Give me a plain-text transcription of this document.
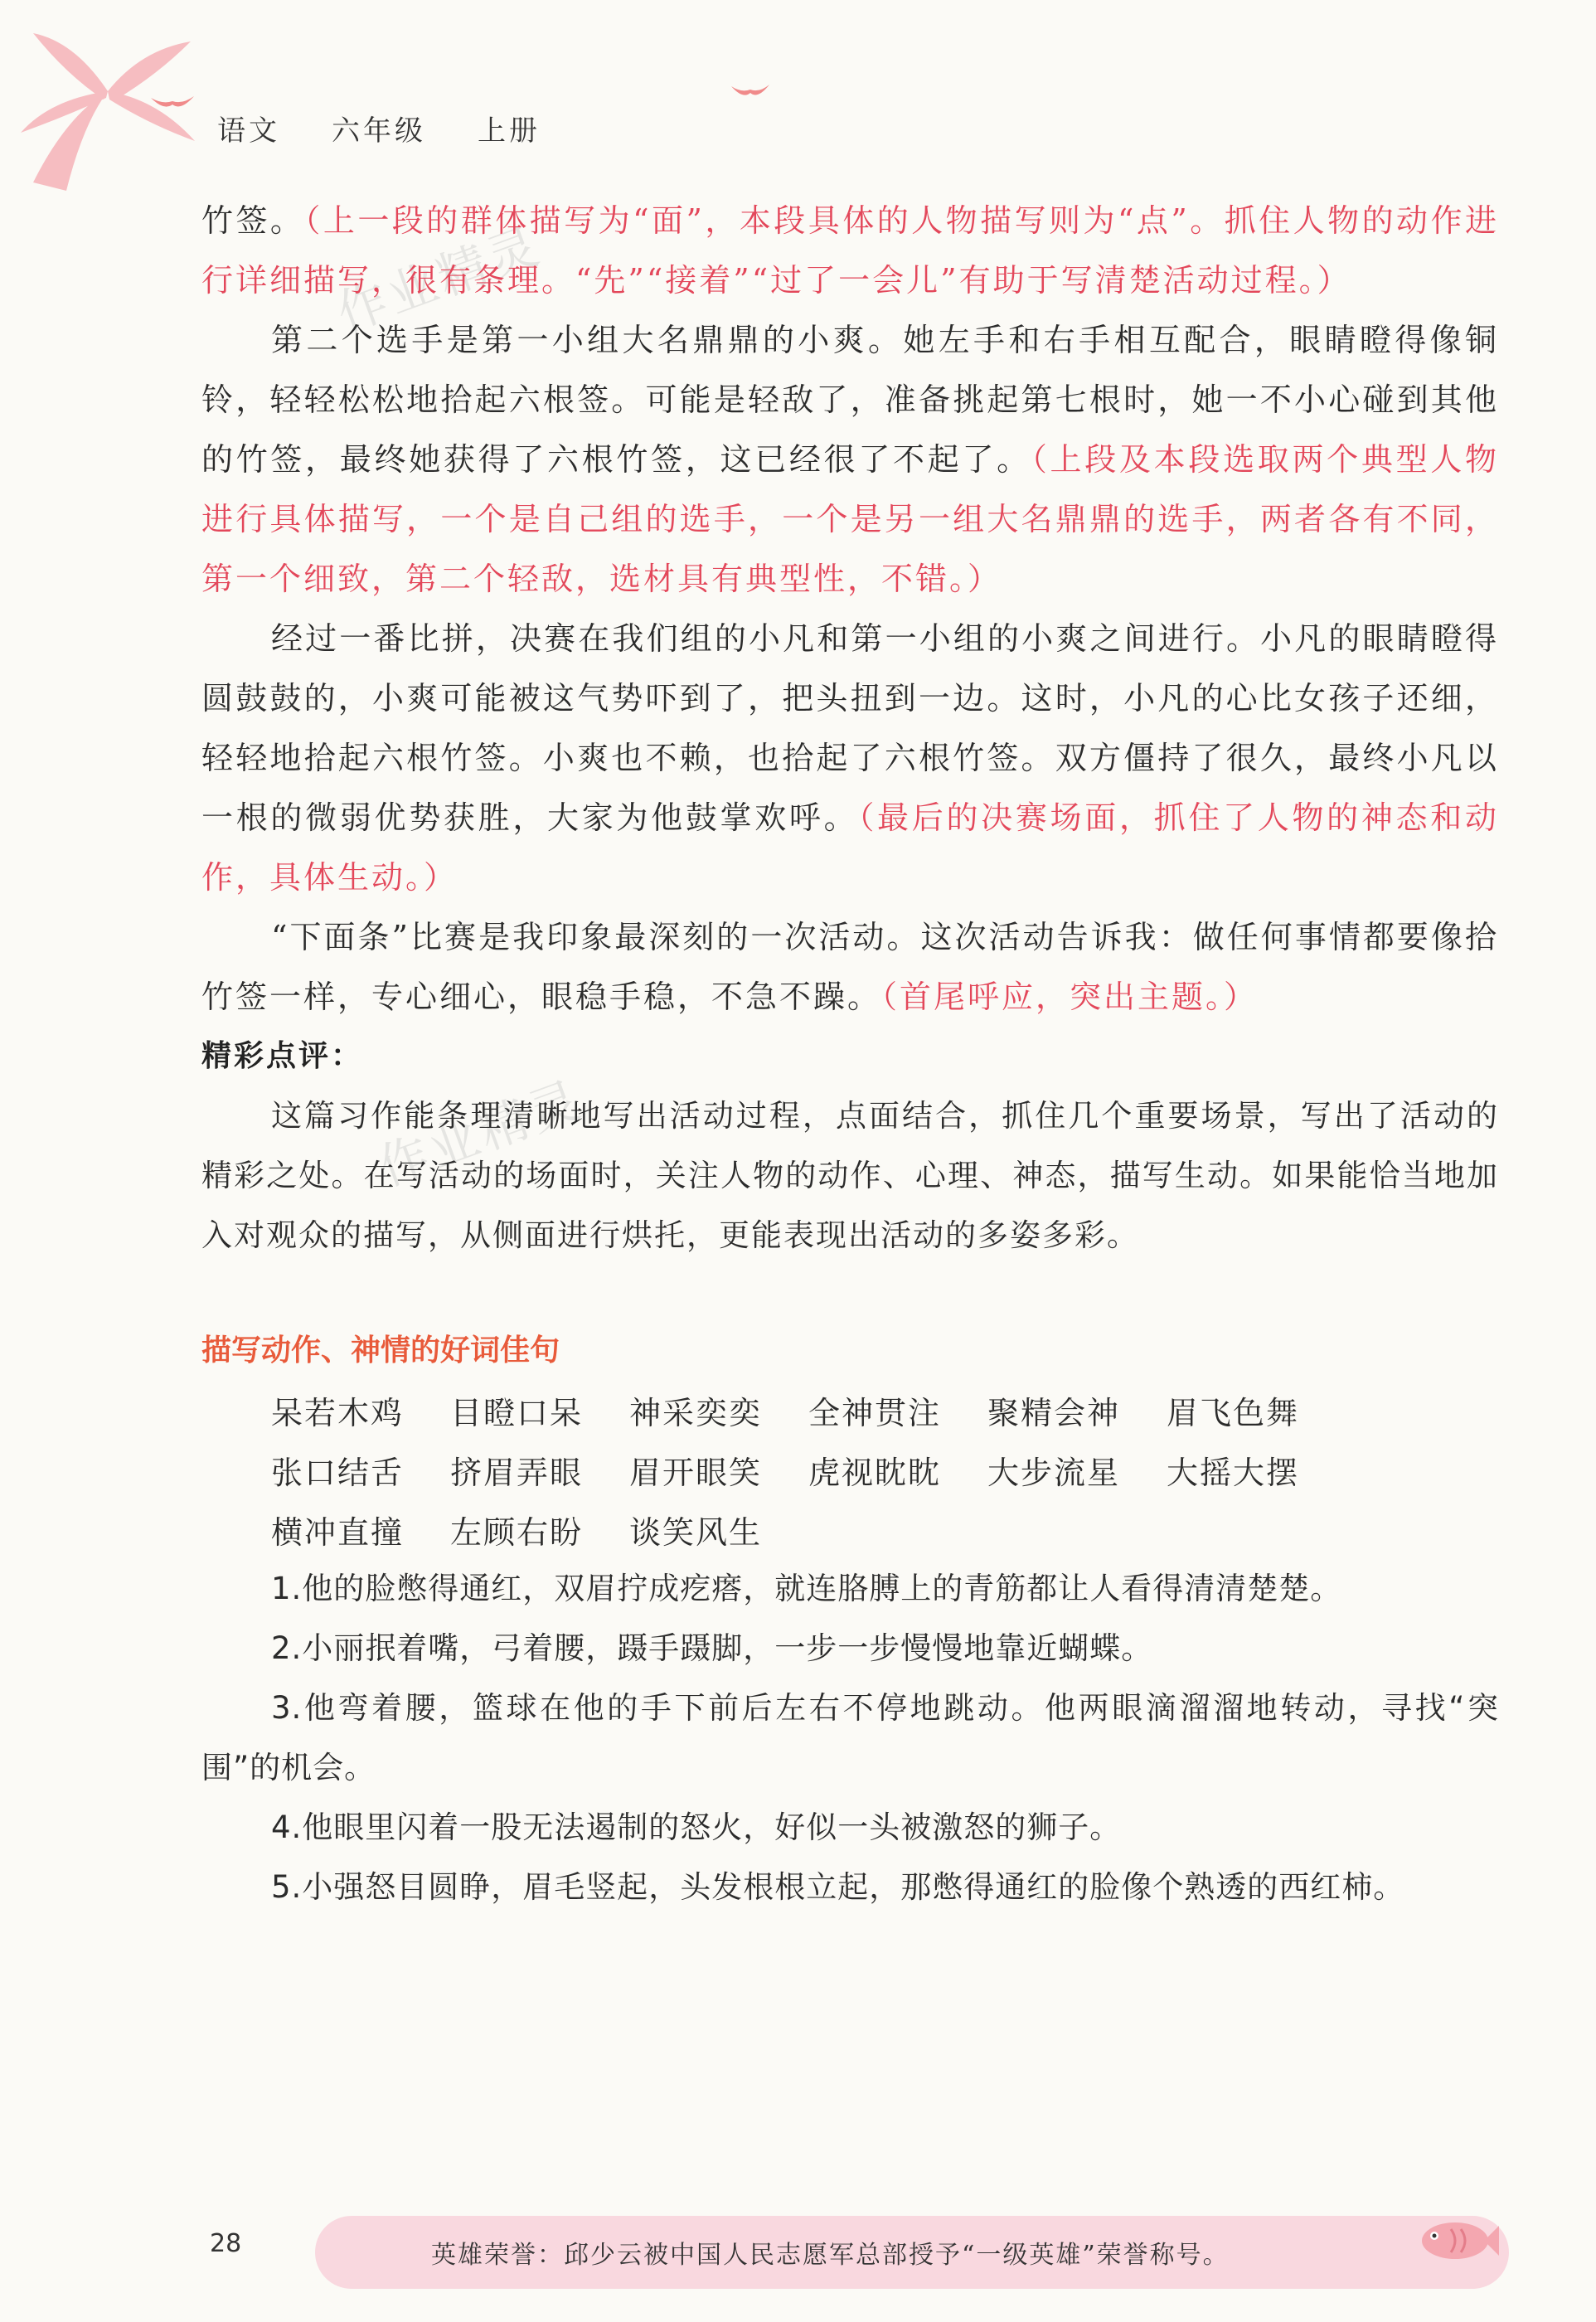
语文 六年级 上册
作业精灵
作业精灵

竹签。（上一段的群体描写为“面”，本段具体的人物描写则为“点”。抓住人物的动作进行详细描写，很有条理。“先”“接着”“过了一会儿”有助于写清楚活动过程。）

第二个选手是第一小组大名鼎鼎的小爽。她左手和右手相互配合，眼睛瞪得像铜铃，轻轻松松地拾起六根签。可能是轻敌了，准备挑起第七根时，她一不小心碰到其他的竹签，最终她获得了六根竹签，这已经很了不起了。（上段及本段选取两个典型人物进行具体描写，一个是自己组的选手，一个是另一组大名鼎鼎的选手，两者各有不同，第一个细致，第二个轻敌，选材具有典型性，不错。）

经过一番比拼，决赛在我们组的小凡和第一小组的小爽之间进行。小凡的眼睛瞪得圆鼓鼓的，小爽可能被这气势吓到了，把头扭到一边。这时，小凡的心比女孩子还细，轻轻地拾起六根竹签。小爽也不赖，也拾起了六根竹签。双方僵持了很久，最终小凡以一根的微弱优势获胜，大家为他鼓掌欢呼。（最后的决赛场面，抓住了人物的神态和动作，具体生动。）

“下面条”比赛是我印象最深刻的一次活动。这次活动告诉我：做任何事情都要像拾竹签一样，专心细心，眼稳手稳，不急不躁。（首尾呼应，突出主题。）

精彩点评：

这篇习作能条理清晰地写出活动过程，点面结合，抓住几个重要场景，写出了活动的精彩之处。在写活动的场面时，关注人物的动作、心理、神态，描写生动。如果能恰当地加入对观众的描写，从侧面进行烘托，更能表现出活动的多姿多彩。

描写动作、神情的好词佳句
呆若木鸡 目瞪口呆 神采奕奕 全神贯注 聚精会神 眉飞色舞张口结舌 挤眉弄眼 眉开眼笑 虎视眈眈 大步流星 大摇大摆横冲直撞 左顾右盼 谈笑风生

1.他的脸憋得通红，双眉拧成疙瘩，就连胳膊上的青筋都让人看得清清楚楚。

2.小丽抿着嘴，弓着腰，蹑手蹑脚，一步一步慢慢地靠近蝴蝶。

3.他弯着腰，篮球在他的手下前后左右不停地跳动。他两眼滴溜溜地转动，寻找“突围”的机会。

4.他眼里闪着一股无法遏制的怒火，好似一头被激怒的狮子。

5.小强怒目圆睁，眉毛竖起，头发根根立起，那憋得通红的脸像个熟透的西红柿。

28	英雄荣誉：邱少云被中国人民志愿军总部授予“一级英雄”荣誉称号。
